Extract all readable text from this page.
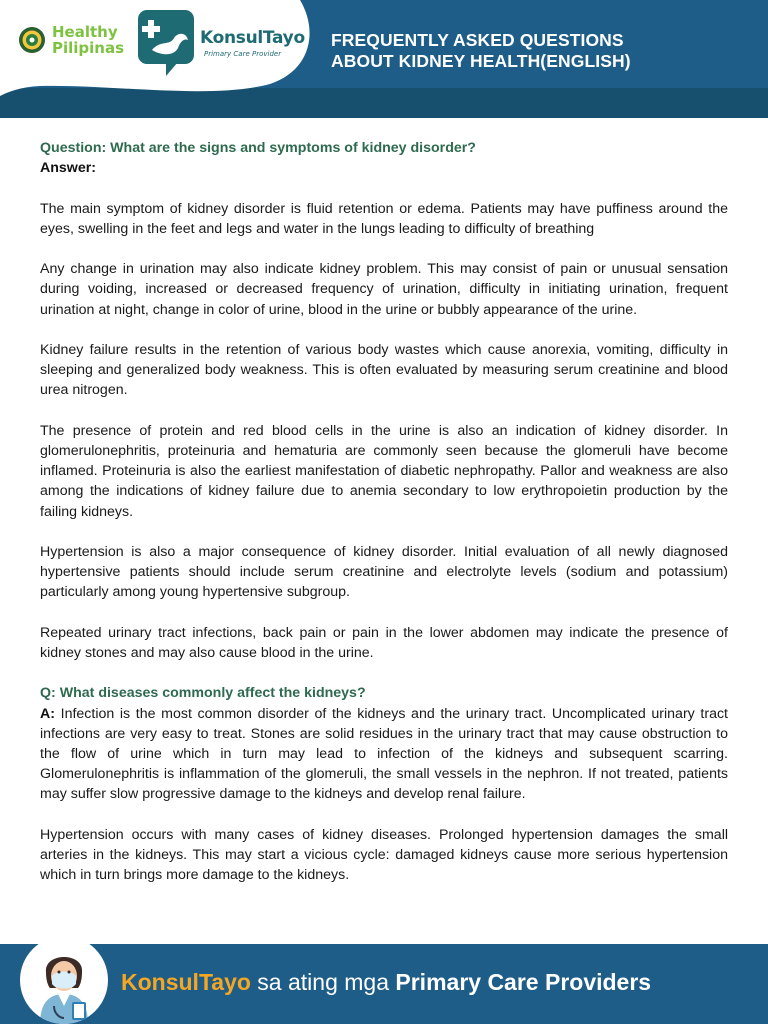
Healthy
Pilipinas	KonsulTayo
Primary Care Provider
FREQUENTLY ASKED QUESTIONS
ABOUT KIDNEY HEALTH(ENGLISH)
Question: What are the signs and symptoms of kidney disorder?
Answer:

The main symptom of kidney disorder is fluid retention or edema. Patients may have puffiness around the eyes, swelling in the feet and legs and water in the lungs leading to difficulty of breathing

Any change in urination may also indicate kidney problem. This may consist of pain or unusual sensation during voiding, increased or decreased frequency of urination, difficulty in initiating urination, frequent urination at night, change in color of urine, blood in the urine or bubbly appearance of the urine.

Kidney failure results in the retention of various body wastes which cause anorexia, vomiting, difficulty in sleeping and generalized body weakness. This is often evaluated by measuring serum creatinine and blood urea nitrogen.

The presence of protein and red blood cells in the urine is also an indication of kidney disorder. In glomerulonephritis, proteinuria and hematuria are commonly seen because the glomeruli have become inflamed. Proteinuria is also the earliest manifestation of diabetic nephropathy. Pallor and weakness are also among the indications of kidney failure due to anemia secondary to low erythropoietin production by the failing kidneys.

Hypertension is also a major consequence of kidney disorder. Initial evaluation of all newly diagnosed hypertensive patients should include serum creatinine and electrolyte levels (sodium and potassium) particularly among young hypertensive subgroup.

Repeated urinary tract infections, back pain or pain in the lower abdomen may indicate the presence of kidney stones and may also cause blood in the urine.

Q: What diseases commonly affect the kidneys?

A: Infection is the most common disorder of the kidneys and the urinary tract. Uncomplicated urinary tract infections are very easy to treat. Stones are solid residues in the urinary tract that may cause obstruction to the flow of urine which in turn may lead to infection of the kidneys and subsequent scarring. Glomerulonephritis is inflammation of the glomeruli, the small vessels in the nephron. If not treated, patients may suffer slow progressive damage to the kidneys and develop renal failure.

Hypertension occurs with many cases of kidney diseases. Prolonged hypertension damages the small arteries in the kidneys. This may start a vicious cycle: damaged kidneys cause more serious hypertension which in turn brings more damage to the kidneys.

KonsulTayo sa ating mga Primary Care Providers
